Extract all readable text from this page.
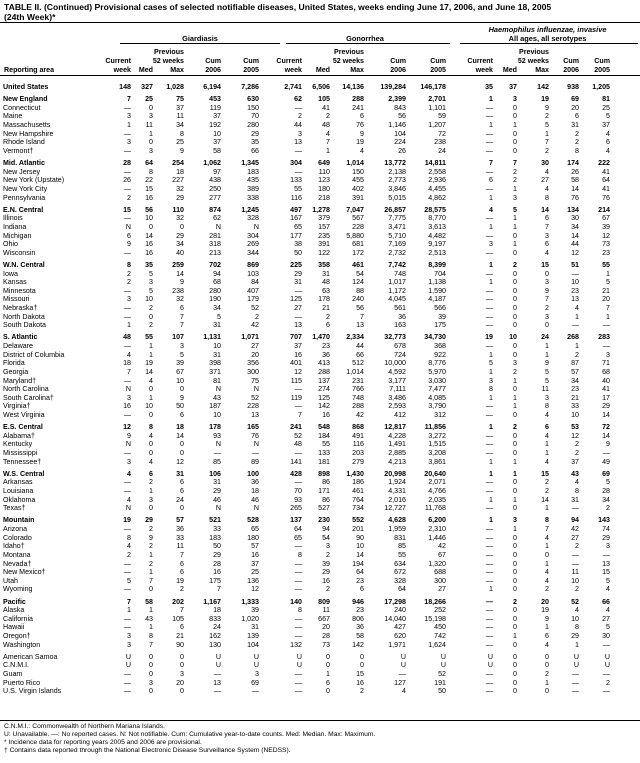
TABLE II. (Continued) Provisional cases of selected notifiable diseases, United States, weeks ending June 17, 2006, and June 18, 2005
(24th Week)*
Giardiasis	Gonorrhea
Haemophilus influenzae, invasive
All ages, all serotypes
Reporting area
Current
week
Previous
52 weeks
Med Max
Cum
2006
Cum
2005
Current
week
Previous
52 weeks
Med	Max
Cum
2006
Cum
2005
Current
week
Previous
52 weeks
Med	Max
Cum
2006
Cum
2005
United States	148	327	1,028	6,194	7,286	2,741	6,506	14,136	139,284	146,178	35	37	142	938	1,205

New England	7	25	75	453	630	62	105	288	2,399	2,701	1	3	19	69	81
Connecticut	—	0	37	119	150	—	41	241	843	1,101	—	0	9	20	25
Maine	3	3	11	37	70	2	2	6	56	59	—	0	2	6	5
Massachusetts	1	11	34	192	280	44	48	76	1,146	1,207	1	1	5	31	37
New Hampshire	—	1	8	10	29	3	4	9	104	72	—	0	1	2	4
Rhode Island	3	0	25	37	35	13	7	19	224	238	—	0	7	2	6
Vermont†	—	3	9	58	66	—	1	4	26	24	—	0	2	8	4

Mid. Atlantic	28	64	254	1,062	1,345	304	649	1,014	13,772	14,811	7	7	30	174	222
New Jersey	—	8	18	97	183	—	110	150	2,138	2,558	—	2	4	26	41
New York (Upstate)	26	22	227	438	435	133	123	455	2,773	2,936	6	2	27	58	64
New York City	—	15	32	250	389	55	180	402	3,846	4,455	—	1	4	14	41
Pennsylvania	2	16	29	277	338	116	218	391	5,015	4,862	1	3	8	76	76

E.N. Central	15	56	110	874	1,245	497	1,278	7,047	26,857	28,575	4	5	14	134	214
Illinois	—	10	32	62	328	167	379	567	7,775	8,770	—	1	6	30	67
Indiana	N	0	0	N	N	65	157	228	3,471	3,613	1	1	7	34	39
Michigan	6	14	29	281	304	177	235	5,880	5,710	4,482	—	0	3	14	12
Ohio	9	16	34	318	269	38	391	681	7,169	9,197	3	1	6	44	73
Wisconsin	—	16	40	213	344	50	122	172	2,732	2,513	—	0	4	12	23

W.N. Central	8	35	259	702	869	225	358	461	7,742	8,399	1	2	15	51	55
Iowa	2	5	14	94	103	29	31	54	748	704	—	0	0	—	1
Kansas	2	3	9	68	84	31	48	124	1,017	1,138	1	0	3	10	5
Minnesota	—	5	238	280	407	—	63	88	1,172	1,590	—	0	9	23	21
Missouri	3	10	32	190	179	125	178	240	4,045	4,187	—	0	7	13	20
Nebraska†	—	2	6	34	52	27	21	56	561	566	—	0	2	4	7
North Dakota	—	0	7	5	2	—	2	7	36	39	—	0	3	1	1
South Dakota	1	2	7	31	42	13	6	13	163	175	—	0	0	—	—

S. Atlantic	48	55	107	1,131	1,071	707	1,470	2,334	32,773	34,730	19	10	24	268	283
Delaware	—	1	3	10	27	37	23	44	678	368	—	0	1	1	—
District of Columbia	4	1	5	31	20	16	36	66	724	922	1	0	1	2	3
Florida	18	19	39	398	356	401	413	512	10,000	8,776	5	3	9	87	71
Georgia	7	14	67	371	300	12	288	1,014	4,592	5,970	1	2	5	57	68
Maryland†	—	4	10	81	75	115	137	231	3,177	3,030	3	1	5	34	40
North Carolina	N	0	0	N	N	—	274	766	7,111	7,477	8	0	11	23	41
South Carolina†	3	1	9	43	52	119	125	748	3,486	4,085	1	1	3	21	17
Virginia†	16	10	50	187	228	—	142	288	2,593	3,790	—	1	8	33	29
West Virginia	—	0	6	10	13	7	16	42	412	312	—	0	4	10	14

E.S. Central	12	8	18	178	165	241	548	868	12,817	11,856	1	2	6	53	72
Alabama†	9	4	14	93	76	52	184	491	4,228	3,272	—	0	4	12	14
Kentucky	N	0	0	N	N	48	55	116	1,491	1,515	—	0	1	2	9
Mississippi	—	0	0	—	—	—	133	203	2,885	3,208	—	0	1	2	—
Tennessee†	3	4	12	85	89	141	181	279	4,213	3,861	1	1	4	37	49

W.S. Central	4	6	31	106	100	428	898	1,430	20,998	20,640	1	1	15	43	69
Arkansas	—	2	6	31	36	—	86	186	1,924	2,071	—	0	2	4	5
Louisiana	—	1	6	29	18	70	171	461	4,331	4,766	—	0	2	8	28
Oklahoma	4	3	24	46	46	93	86	764	2,016	2,035	1	1	14	31	34
Texas†	N	0	0	N	N	265	527	734	12,727	11,768	—	0	1	—	2

Mountain	19	29	57	521	528	137	230	552	4,628	6,200	1	3	8	94	143
Arizona	—	2	36	33	65	64	94	201	1,959	2,310	—	1	7	42	74
Colorado	8	9	33	183	180	65	54	90	831	1,446	—	0	4	27	29
Idaho†	4	2	11	50	57	—	3	10	85	42	—	0	1	2	3
Montana	2	1	7	29	16	8	2	14	55	67	—	0	0	—	—
Nevada†	—	2	6	28	37	—	39	194	634	1,320	—	0	1	—	13
New Mexico†	—	1	6	16	25	—	29	64	672	688	—	0	4	11	15
Utah	5	7	19	175	136	—	16	23	328	300	—	0	4	10	5
Wyoming	—	0	2	7	12	—	2	6	64	27	1	0	2	2	4

Pacific	7	58	202	1,167	1,333	140	809	946	17,298	18,266	—	2	20	52	66
Alaska	1	1	7	18	39	8	11	23	240	252	—	0	19	4	4
California	—	43	105	833	1,020	—	667	806	14,040	15,198	—	0	9	10	27
Hawaii	—	1	6	24	31	—	20	36	427	450	—	0	1	8	5
Oregon†	3	8	21	162	139	—	28	58	620	742	—	1	6	29	30
Washington	3	7	90	130	104	132	73	142	1,971	1,624	—	0	4	1	—

American Samoa	U	0	0	U	U	U	0	0	U	U	U	0	0	U	U
C.N.M.I.	U	0	0	U	U	U	0	0	U	U	U	0	0	U	U
Guam	—	0	3	—	3	—	1	15	—	52	—	0	2	—	—
Puerto Rico	—	3	20	13	69	—	6	16	127	191	—	0	1	—	2
U.S. Virgin Islands	—	0	0	—	—	—	0	2	4	50	—	0	0	—	—
C.N.M.I.: Commonwealth of Northern Mariana Islands.
U: Unavailable. —: No reported cases. N: Not notifiable. Cum: Cumulative year-to-date counts. Med: Median. Max: Maximum.
* Incidence data for reporting years 2005 and 2006 are provisional.
† Contains data reported through the National Electronic Disease Surveillance System (NEDSS).
